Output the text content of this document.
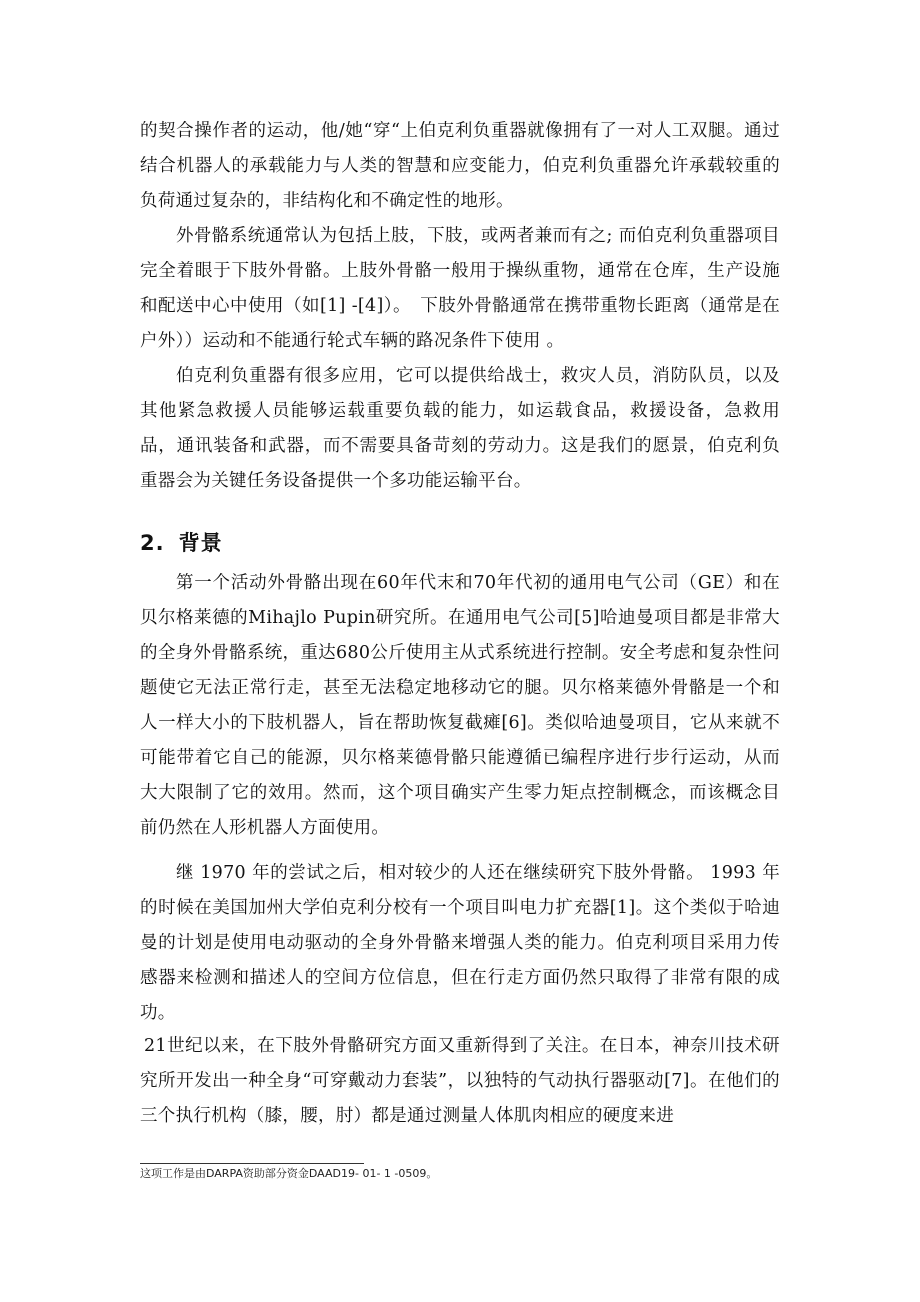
的契合操作者的运动，他/她“穿“上伯克利负重器就像拥有了一对人工双腿。通过结合机器人的承载能力与人类的智慧和应变能力，伯克利负重器允许承载较重的负荷通过复杂的，非结构化和不确定性的地形。

外骨骼系统通常认为包括上肢，下肢，或两者兼而有之; 而伯克利负重器项目完全着眼于下肢外骨骼。上肢外骨骼一般用于操纵重物，通常在仓库，生产设施和配送中心中使用（如[1] -[4]）。　下肢外骨骼通常在携带重物长距离（通常是在户外））运动和不能通行轮式车辆的路况条件下使用 。

伯克利负重器有很多应用，它可以提供给战士，救灾人员，消防队员，以及其他紧急救援人员能够运载重要负载的能力，如运载食品，救援设备，急救用品，通讯装备和武器，而不需要具备苛刻的劳动力。这是我们的愿景，伯克利负重器会为关键任务设备提供一个多功能运输平台。

2. 背景

第一个活动外骨骼出现在60年代末和70年代初的通用电气公司（GE）和在贝尔格莱德的Mihajlo Pupin研究所。在通用电气公司[5]哈迪曼项目都是非常大的全身外骨骼系统，重达680公斤使用主从式系统进行控制。安全考虑和复杂性问题使它无法正常行走，甚至无法稳定地移动它的腿。贝尔格莱德外骨骼是一个和人一样大小的下肢机器人，旨在帮助恢复截瘫[6]。类似哈迪曼项目，它从来就不可能带着它自己的能源，贝尔格莱德骨骼只能遵循已编程序进行步行运动，从而大大限制了它的效用。然而，这个项目确实产生零力矩点控制概念，而该概念目前仍然在人形机器人方面使用。

继 1970 年的尝试之后，相对较少的人还在继续研究下肢外骨骼。 1993 年的时候在美国加州大学伯克利分校有一个项目叫电力扩充器[1]。这个类似于哈迪曼的计划是使用电动驱动的全身外骨骼来增强人类的能力。伯克利项目采用力传感器来检测和描述人的空间方位信息，但在行走方面仍然只取得了非常有限的成功。

21世纪以来，在下肢外骨骼研究方面又重新得到了关注。在日本，神奈川技术研究所开发出一种全身“可穿戴动力套装”，以独特的气动执行器驱动[7]。在他们的三个执行机构（膝，腰，肘）都是通过测量人体肌肉相应的硬度来进

这项工作是由DARPA资助部分资金DAAD19- 01- 1 -0509。
